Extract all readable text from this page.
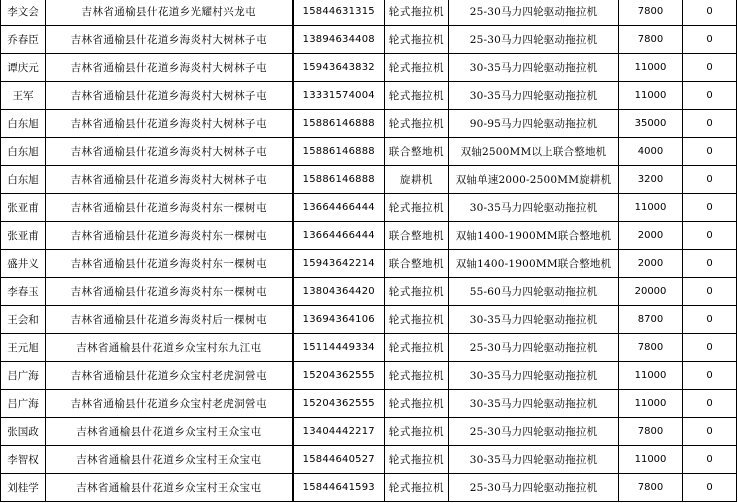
李文会	吉林省通榆县什花道乡光耀村兴龙屯	15844631315	轮式拖拉机	25-30马力四轮驱动拖拉机	7800	0
乔春臣	吉林省通榆县什花道乡海炎村大树林子屯	13894634408	轮式拖拉机	25-30马力四轮驱动拖拉机	7800	0
谭庆元	吉林省通榆县什花道乡海炎村大树林子屯	15943643832	轮式拖拉机	30-35马力四轮驱动拖拉机	11000	0
王军	吉林省通榆县什花道乡海炎村大树林子屯	13331574004	轮式拖拉机	30-35马力四轮驱动拖拉机	11000	0
白东旭	吉林省通榆县什花道乡海炎村大树林子屯	15886146888	轮式拖拉机	90-95马力四轮驱动拖拉机	35000	0
白东旭	吉林省通榆县什花道乡海炎村大树林子屯	15886146888	联合整地机	双轴2500MM以上联合整地机	4000	0
白东旭	吉林省通榆县什花道乡海炎村大树林子屯	15886146888	旋耕机	双轴单速2000-2500MM旋耕机	3200	0
张亚甫	吉林省通榆县什花道乡海炎村东一棵树屯	13664466444	轮式拖拉机	30-35马力四轮驱动拖拉机	11000	0
张亚甫	吉林省通榆县什花道乡海炎村东一棵树屯	13664466444	联合整地机	双轴1400-1900MM联合整地机	2000	0
盛井义	吉林省通榆县什花道乡海炎村东一棵树屯	15943642214	联合整地机	双轴1400-1900MM联合整地机	2000	0
李春玉	吉林省通榆县什花道乡海炎村东一棵树屯	13804364420	轮式拖拉机	55-60马力四轮驱动拖拉机	20000	0
王会和	吉林省通榆县什花道乡海炎村后一棵树屯	13694364106	轮式拖拉机	30-35马力四轮驱动拖拉机	8700	0
王元旭	吉林省通榆县什花道乡众宝村东九江屯	15114449334	轮式拖拉机	25-30马力四轮驱动拖拉机	7800	0
吕广海	吉林省通榆县什花道乡众宝村老虎洞營屯	15204362555	轮式拖拉机	30-35马力四轮驱动拖拉机	11000	0
吕广海	吉林省通榆县什花道乡众宝村老虎洞營屯	15204362555	轮式拖拉机	30-35马力四轮驱动拖拉机	11000	0
张国政	吉林省通榆县什花道乡众宝村王众宝屯	13404442217	轮式拖拉机	25-30马力四轮驱动拖拉机	7800	0
李智权	吉林省通榆县什花道乡众宝村王众宝屯	15844640527	轮式拖拉机	30-35马力四轮驱动拖拉机	11000	0
刘桂学	吉林省通榆县什花道乡众宝村王众宝屯	15844641593	轮式拖拉机	25-30马力四轮驱动拖拉机	7800	0
